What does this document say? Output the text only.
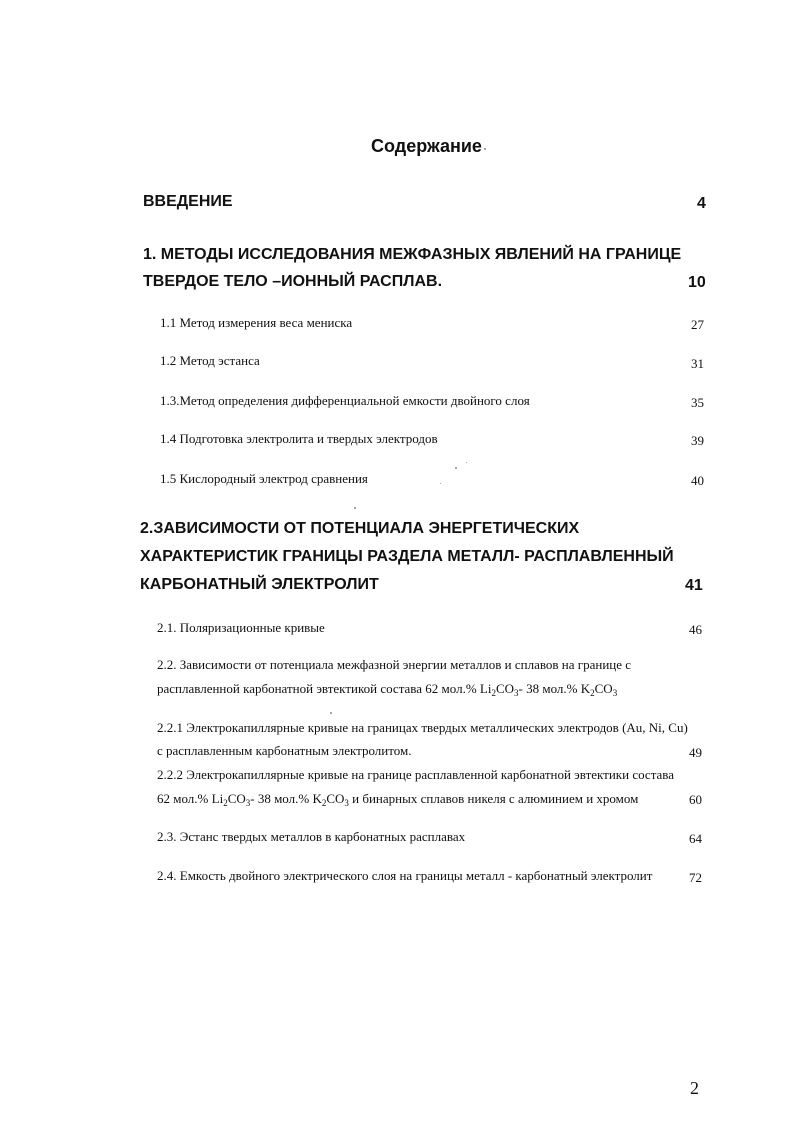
Содержание
ВВЕДЕНИЕ	4
1. МЕТОДЫ ИССЛЕДОВАНИЯ МЕЖФАЗНЫХ ЯВЛЕНИЙ НА ГРАНИЦЕ
ТВЕРДОЕ ТЕЛО –ИОННЫЙ РАСПЛАВ.	10
1.1 Метод измерения веса мениска	27
1.2 Метод эстанса	31
1.3.Метод определения дифференциальной емкости двойного слоя	35
1.4 Подготовка электролита и твердых электродов	39
1.5 Кислородный электрод сравнения	40
2.ЗАВИСИМОСТИ ОТ ПОТЕНЦИАЛА ЭНЕРГЕТИЧЕСКИХ
ХАРАКТЕРИСТИК ГРАНИЦЫ РАЗДЕЛА МЕТАЛЛ- РАСПЛАВЛЕННЫЙ
КАРБОНАТНЫЙ ЭЛЕКТРОЛИТ	41
2.1. Поляризационные кривые	46
2.2. Зависимости от потенциала межфазной энергии металлов и сплавов на границе с
расплавленной карбонатной эвтектикой состава 62 мол.% $Li_2CO_3-$ 38 мол.% $K_2CO_3$
2.2.1 Электрокапиллярные кривые на границах твердых металлических электродов (Au, Ni, Cu)
с расплавленным карбонатным электролитом.	49
2.2.2 Электрокапиллярные кривые на границе расплавленной карбонатной эвтектики состава
62 мол.% $Li_2CO_3-$ 38 мол.% $K_2CO_3$ и бинарных сплавов никеля с алюминием и хромом	60
2.3. Эстанс твердых металлов в карбонатных расплавах	64
2.4. Емкость двойного электрического слоя на границы металл - карбонатный электролит	72
2
